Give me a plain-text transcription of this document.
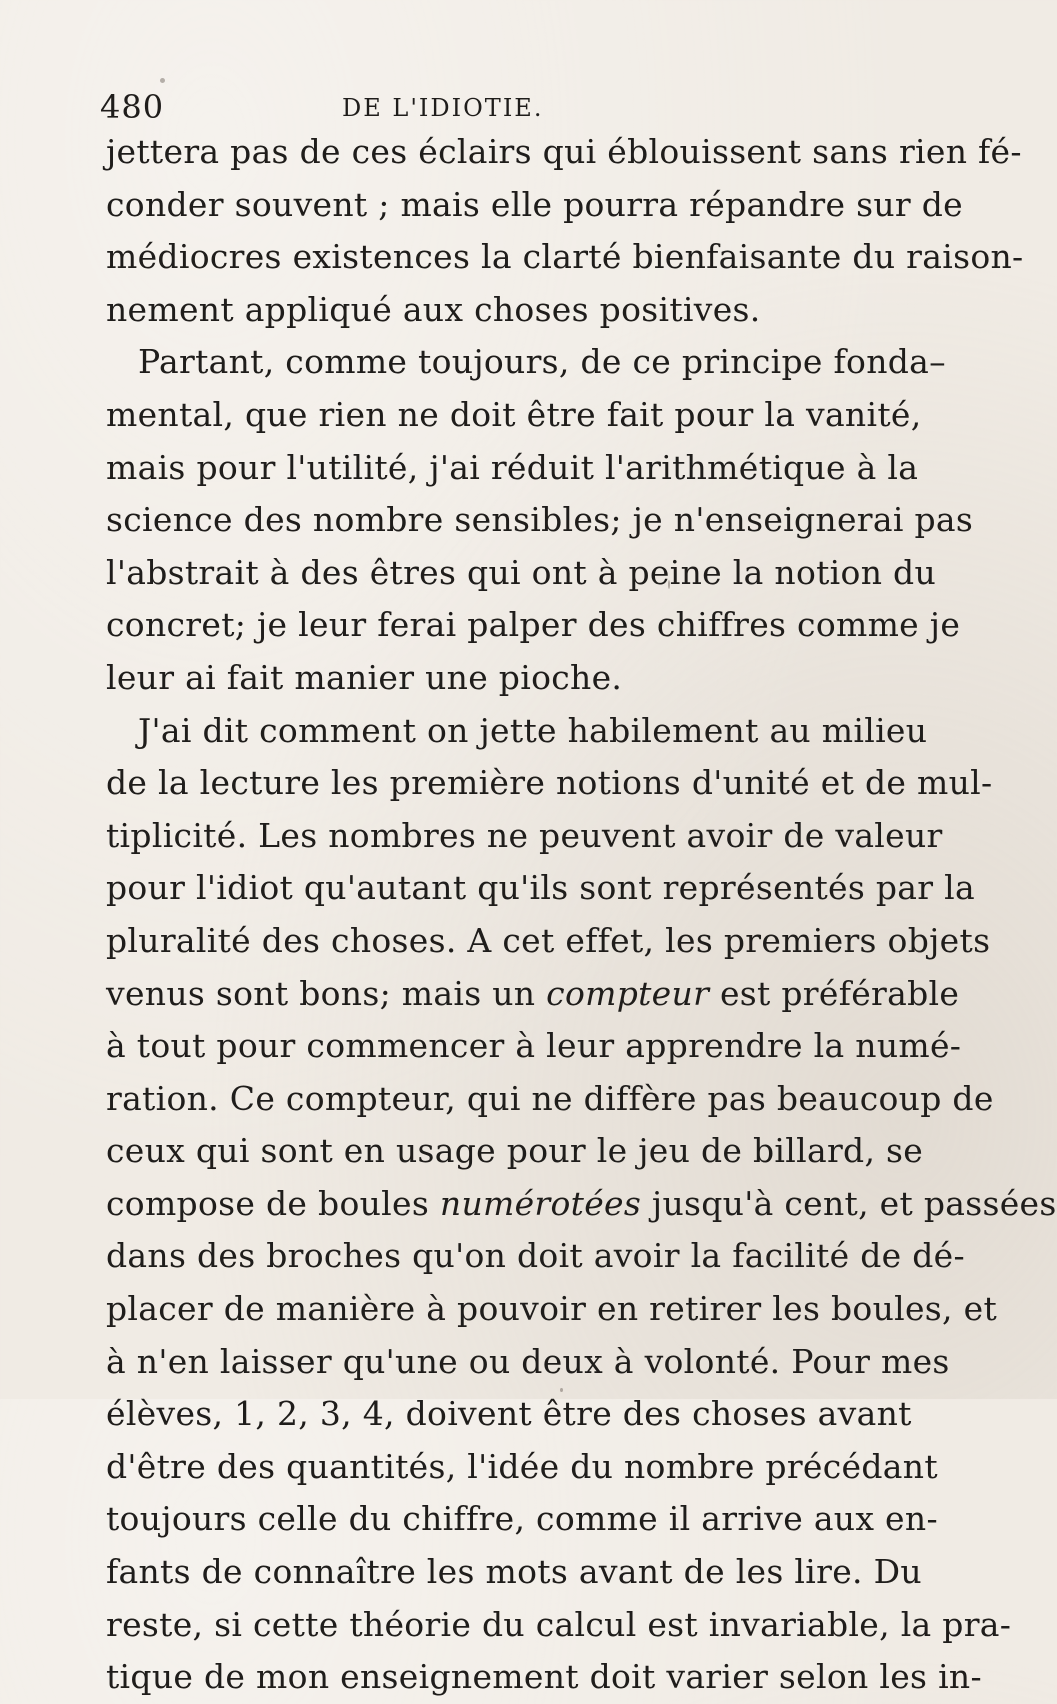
480	DE L'IDIOTIE.
jettera pas de ces éclairs qui éblouissent sans rien fé-
conder souvent ; mais elle pourra répandre sur de
médiocres existences la clarté bienfaisante du raison-
nement appliqué aux choses positives.
Partant, comme toujours, de ce principe fonda–
mental, que rien ne doit être fait pour la vanité,
mais pour l'utilité, j'ai réduit l'arithmétique à la
science des nombre sensibles; je n'enseignerai pas
l'abstrait à des êtres qui ont à peine la notion du
concret; je leur ferai palper des chiffres comme je
leur ai fait manier une pioche.
J'ai dit comment on jette habilement au milieu
de la lecture les première notions d'unité et de mul-
tiplicité. Les nombres ne peuvent avoir de valeur
pour l'idiot qu'autant qu'ils sont représentés par la
pluralité des choses. A cet effet, les premiers objets
venus sont bons; mais un compteur est préférable
à tout pour commencer à leur apprendre la numé-
ration. Ce compteur, qui ne diffère pas beaucoup de
ceux qui sont en usage pour le jeu de billard, se
compose de boules numérotées jusqu'à cent, et passées
dans des broches qu'on doit avoir la facilité de dé-
placer de manière à pouvoir en retirer les boules, et
à n'en laisser qu'une ou deux à volonté. Pour mes
élèves, 1, 2, 3, 4, doivent être des choses avant
d'être des quantités, l'idée du nombre précédant
toujours celle du chiffre, comme il arrive aux en-
fants de connaître les mots avant de les lire. Du
reste, si cette théorie du calcul est invariable, la pra-
tique de mon enseignement doit varier selon les in-
